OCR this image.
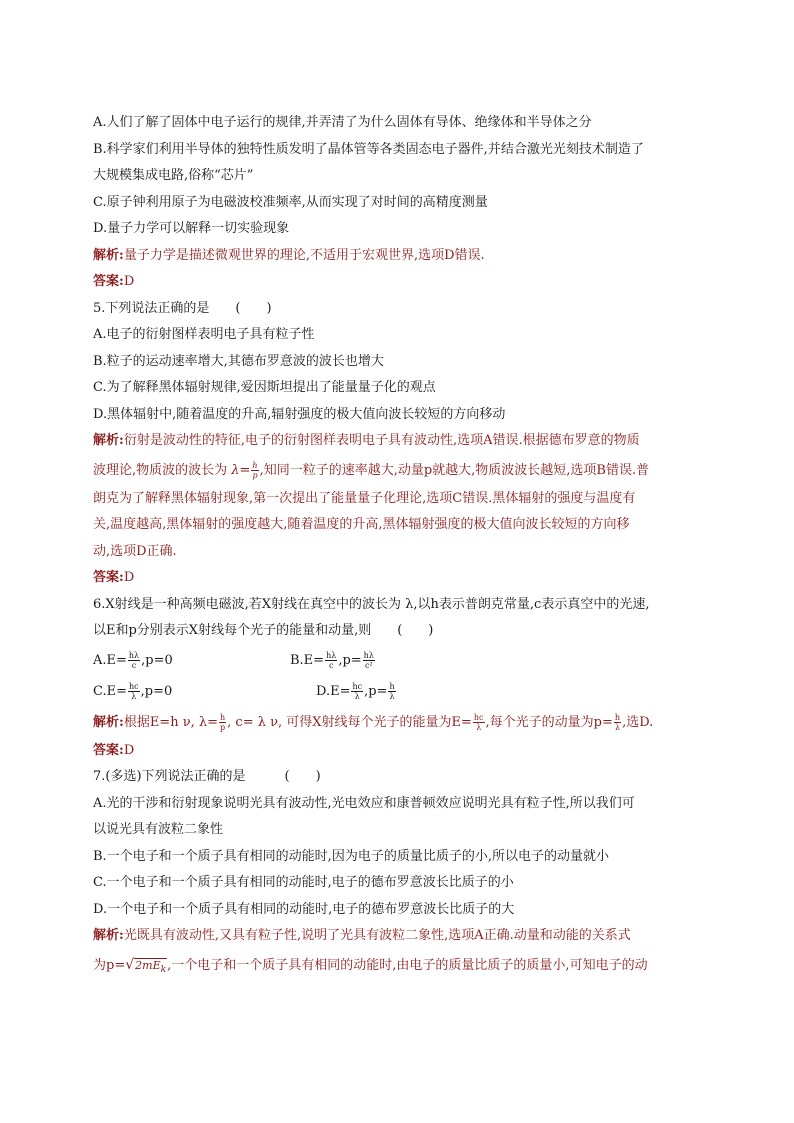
A.人们了解了固体中电子运行的规律,并弄清了为什么固体有导体、绝缘体和半导体之分
B.科学家们利用半导体的独特性质发明了晶体管等各类固态电子器件,并结合激光光刻技术制造了
大规模集成电路,俗称“芯片”
C.原子钟利用原子为电磁波校准频率,从而实现了对时间的高精度测量
D.量子力学可以解释一切实验现象
解析:量子力学是描述微观世界的理论,不适用于宏观世界,选项D错误.
答案:D
5.下列说法正确的是　　(　　)
A.电子的衍射图样表明电子具有粒子性
B.粒子的运动速率增大,其德布罗意波的波长也增大
C.为了解释黑体辐射规律,爱因斯坦提出了能量量子化的观点
D.黑体辐射中,随着温度的升高,辐射强度的极大值向波长较短的方向移动
解析:衍射是波动性的特征,电子的衍射图样表明电子具有波动性,选项A错误.根据德布罗意的物质
波理论,物质波的波长为 $\lambda= \frac{h}{p}$ ,知同一粒子的速率越大,动量p就越大,物质波波长越短,选项B错误.普
朗克为了解释黑体辐射现象,第一次提出了能量量子化理论,选项C错误.黑体辐射的强度与温度有
关,温度越高,黑体辐射的强度越大,随着温度的升高,黑体辐射强度的极大值向波长较短的方向移
动,选项D正确.
答案:D
6.X射线是一种高频电磁波,若X射线在真空中的波长为 λ,以h表示普朗克常量,c表示真空中的光速,
以E和p分别表示X射线每个光子的能量和动量,则　　(　　)
$A.E= \frac{h\lambda}{c} ,p=0$	$B.E= \frac{h\lambda}{c} ,p= \frac{h\lambda}{\text{c²}}$
$C.E= \frac{hc}{\lambda} ,p=0$	$D.E= \frac{hc}{\lambda} ,p= \frac{h}{\lambda}$
解析:根据E=h ν, $\lambda= \frac{h}{p}$ , c= λ ν, 可得X射线每个光子的能量为$E= \frac{hc}{\lambda}$ ,每个光子的动量为$p= \frac{h}{\lambda}$ ,选D.
答案:D
7.(多选)下列说法正确的是　　　(　　)
A.光的干涉和衍射现象说明光具有波动性,光电效应和康普顿效应说明光具有粒子性,所以我们可
以说光具有波粒二象性
B.一个电子和一个质子具有相同的动能时,因为电子的质量比质子的小,所以电子的动量就小
C.一个电子和一个质子具有相同的动能时,电子的德布罗意波长比质子的小
D.一个电子和一个质子具有相同的动能时,电子的德布罗意波长比质子的大
解析:光既具有波动性,又具有粒子性,说明了光具有波粒二象性,选项A正确.动量和动能的关系式
为$p=√2mE_k$,一个电子和一个质子具有相同的动能时,由电子的质量比质子的质量小,可知电子的动
